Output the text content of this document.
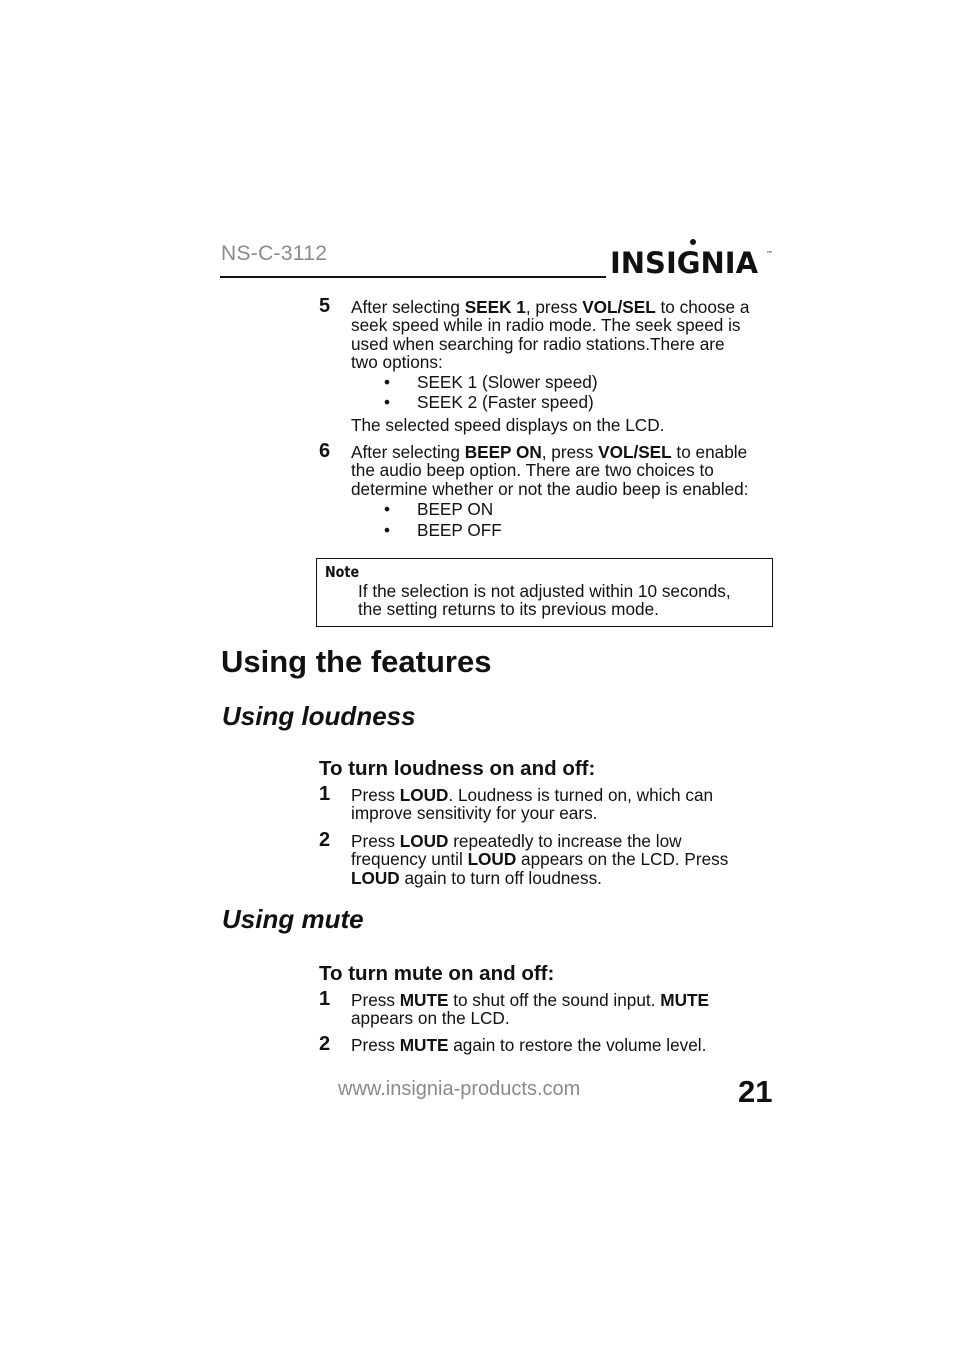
NS-C-3112	INSIGNIA ™
5 After selecting SEEK 1, press VOL/SEL to choose a
seek speed while in radio mode. The seek speed is
used when searching for radio stations.There are
two options:
• SEEK 1 (Slower speed)
• SEEK 2 (Faster speed)
The selected speed displays on the LCD.
6 After selecting BEEP ON, press VOL/SEL to enable
the audio beep option. There are two choices to
determine whether or not the audio beep is enabled:
• BEEP ON
• BEEP OFF
Note
If the selection is not adjusted within 10 seconds,
the setting returns to its previous mode.
Using the features
Using loudness
To turn loudness on and off:
1 Press LOUD. Loudness is turned on, which can
improve sensitivity for your ears.
2 Press LOUD repeatedly to increase the low
frequency until LOUD appears on the LCD. Press
LOUD again to turn off loudness.
Using mute
To turn mute on and off:
1 Press MUTE to shut off the sound input. MUTE
appears on the LCD.
2 Press MUTE again to restore the volume level.
www.insignia-products.com	21
